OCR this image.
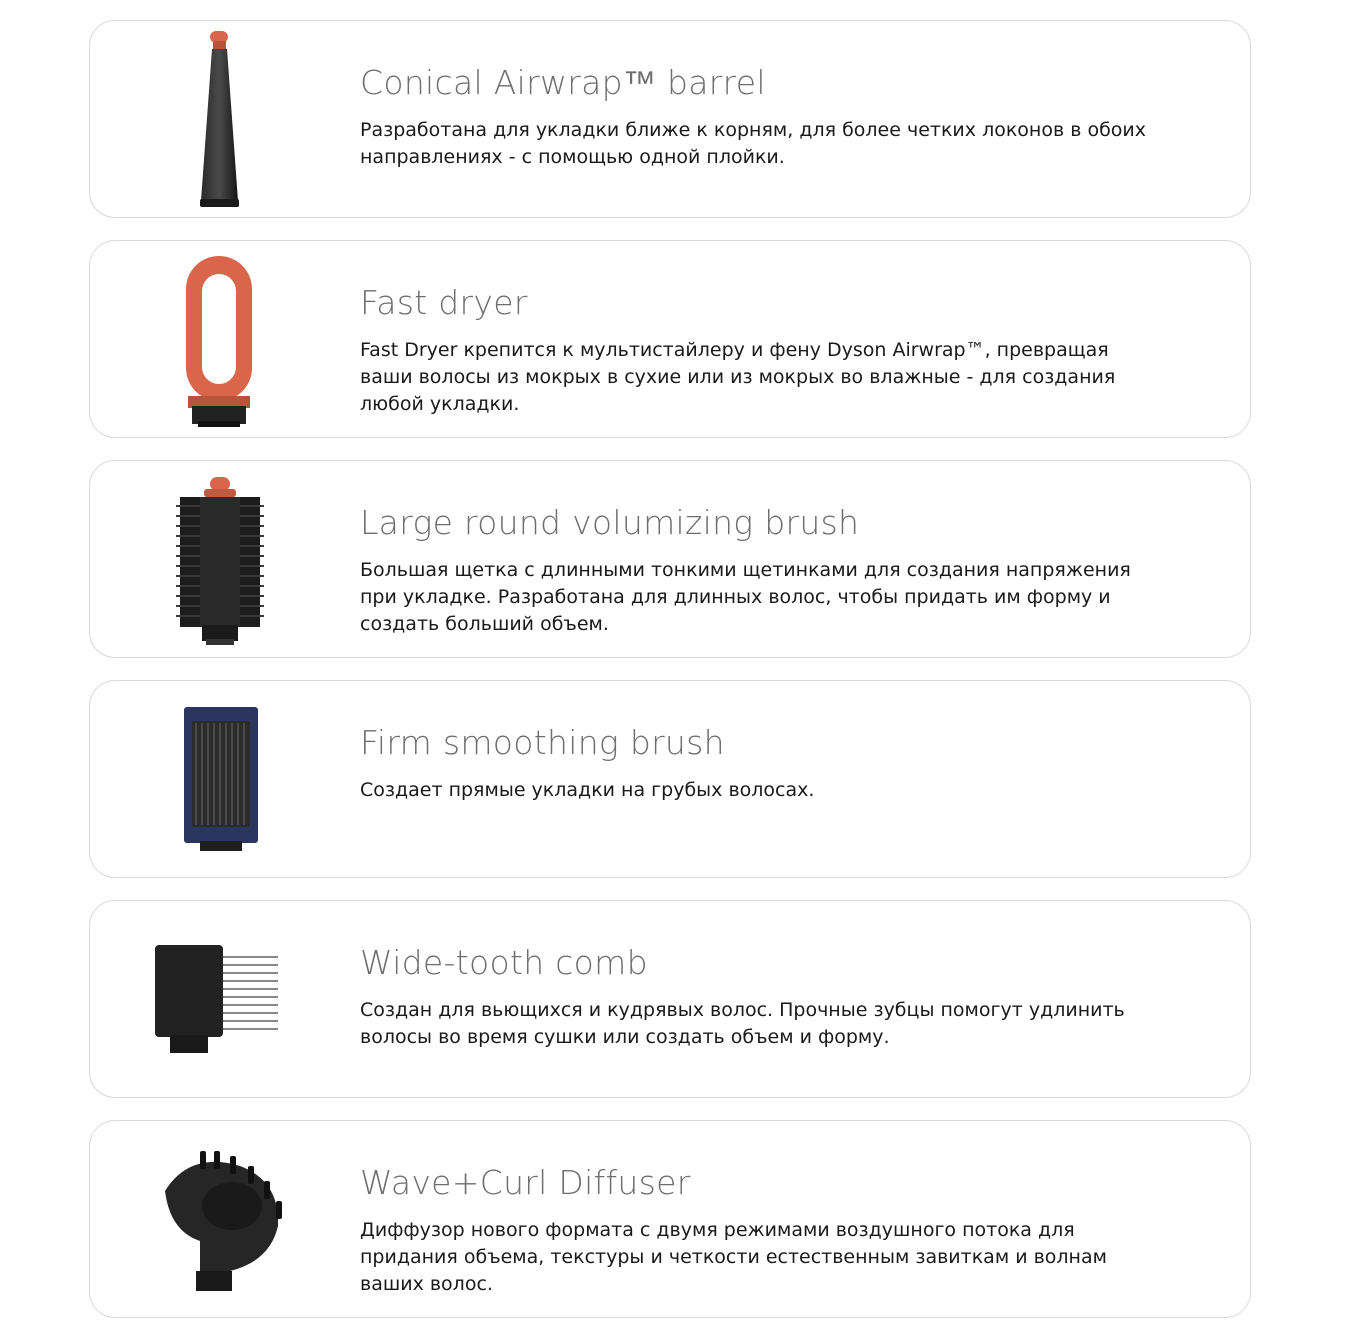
Conical Airwrap™ barrel

Разработана для укладки ближе к корням, для более четких локонов в обоих направлениях - с помощью одной плойки.

Fast dryer

Fast Dryer крепится к мультистайлеру и фену Dyson Airwrap™, превращая ваши волосы из мокрых в сухие или из мокрых во влажные - для создания любой укладки.

Large round volumizing brush

Большая щетка с длинными тонкими щетинками для создания напряжения при укладке. Разработана для длинных волос, чтобы придать им форму и создать больший объем.

Firm smoothing brush

Создает прямые укладки на грубых волосах.

Wide-tooth comb

Создан для вьющихся и кудрявых волос. Прочные зубцы помогут удлинить волосы во время сушки или создать объем и форму.

Wave+Curl Diffuser

Диффузор нового формата с двумя режимами воздушного потока для придания объема, текстуры и четкости естественным завиткам и волнам ваших волос.
